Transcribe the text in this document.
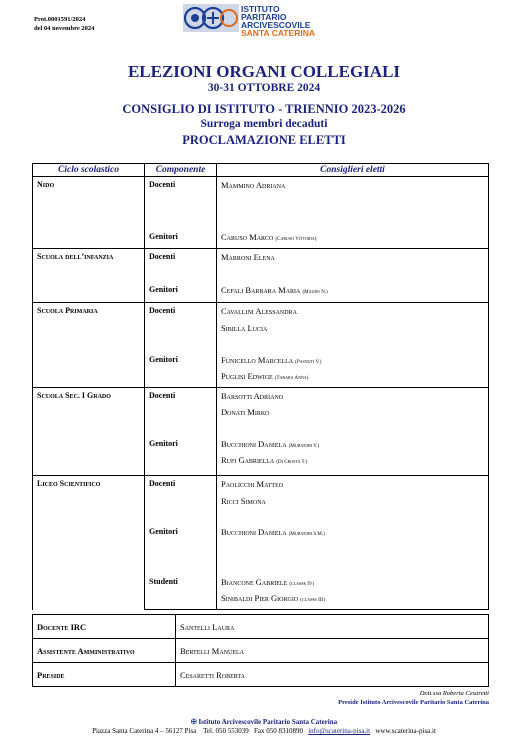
Prot.0001591/2024
del 04 novembre 2024
ISTITUTO
PARITARIO
ARCIVESCOVILE
SANTA CATERINA
ELEZIONI ORGANI COLLEGIALI
30-31 OTTOBRE 2024
CONSIGLIO DI ISTITUTO - TRIENNIO 2023-2026
Surroga membri decaduti
PROCLAMAZIONE ELETTI
Ciclo scolastico	Componente	Consiglieri eletti

Nido	Docenti	Mammino Adriana

	Genitori	Caruso Marco (Caruso Vittoria)

Scuola dell’infanzia	Docenti	Marroni Elena

	Genitori	Cefali Barbara Maria (Mauro N.)

Scuola Primaria	Docenti	Cavallini Alessandra
Sibilla Lucia

	Genitori	Funicello Marcella (Pasnuti V.)
Puglisi Edwige (Tarara Anna)

Scuola Sec. I Grado	Docenti	Barsotti Adriano
Donati Mirko

	Genitori	Bucchioni Daniela (Muratori V.)
Rufi Gabriella (Di Crosta T.)

Liceo Scientifico	Docenti	Paolicchi Matteo
Ricci Simona

	Genitori	Bucchioni Daniela (Muratori S.M.)

	Studenti	Biancone Gabriele (classe IV)
Sinibaldi Pier Giorgio (classe III)
Docente IRC	Santelli Laura
Assistente Amministrativo	Bertelli Manuela
Preside	Cesaretti Roberta
Dott.ssa Roberta Cesaretti
Preside Istituto Arcivescovile Paritario Santa Caterina
✠ Istituto Arcivescovile Paritario Santa Caterina
Piazza Santa Caterina 4 – 56127 Pisa Tel. 050 553039 Fax 050 8310890 info@scaterina-pisa.it www.scaterina-pisa.it
